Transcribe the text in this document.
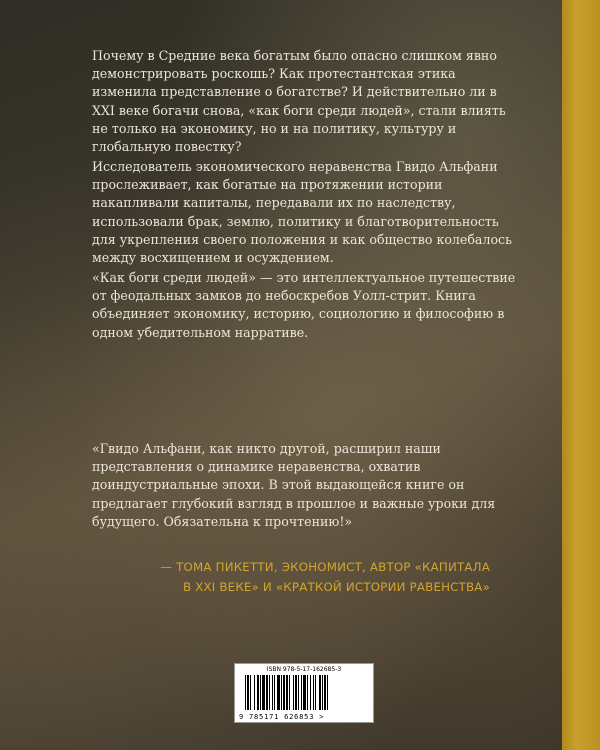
Почему в Средние века богатым было опасно слишком явно демонстрировать роскошь? Как протестантская этика изменила представление о богатстве? И действительно ли в XXI веке богачи снова, «как боги среди людей», стали влиять не только на экономику, но и на политику, культуру и глобальную повестку?

Исследователь экономического неравенства Гвидо Альфани прослеживает, как богатые на протяжении истории накапливали капиталы, передавали их по наследству, использовали брак, землю, политику и благотворительность для укрепления своего положения и как общество колебалось между восхищением и осуждением.

«Как боги среди людей» — это интеллектуальное путешествие от феодальных замков до небоскребов Уолл-стрит. Книга объединяет экономику, историю, социологию и философию в одном убедительном нарративе.

«Гвидо Альфани, как никто другой, расширил наши представления о динамике неравенства, охватив доиндустриальные эпохи. В этой выдающейся книге он предлагает глубокий взгляд в прошлое и важные уроки для будущего. Обязательна к прочтению!»

— ТОМА ПИКЕТТИ, ЭКОНОМИСТ, АВТОР «КАПИТАЛА
В XXI ВЕКЕ» И «КРАТКОЙ ИСТОРИИ РАВЕНСТВА»
ISBN 978-5-17-162685-3
9 785171 626853 >
